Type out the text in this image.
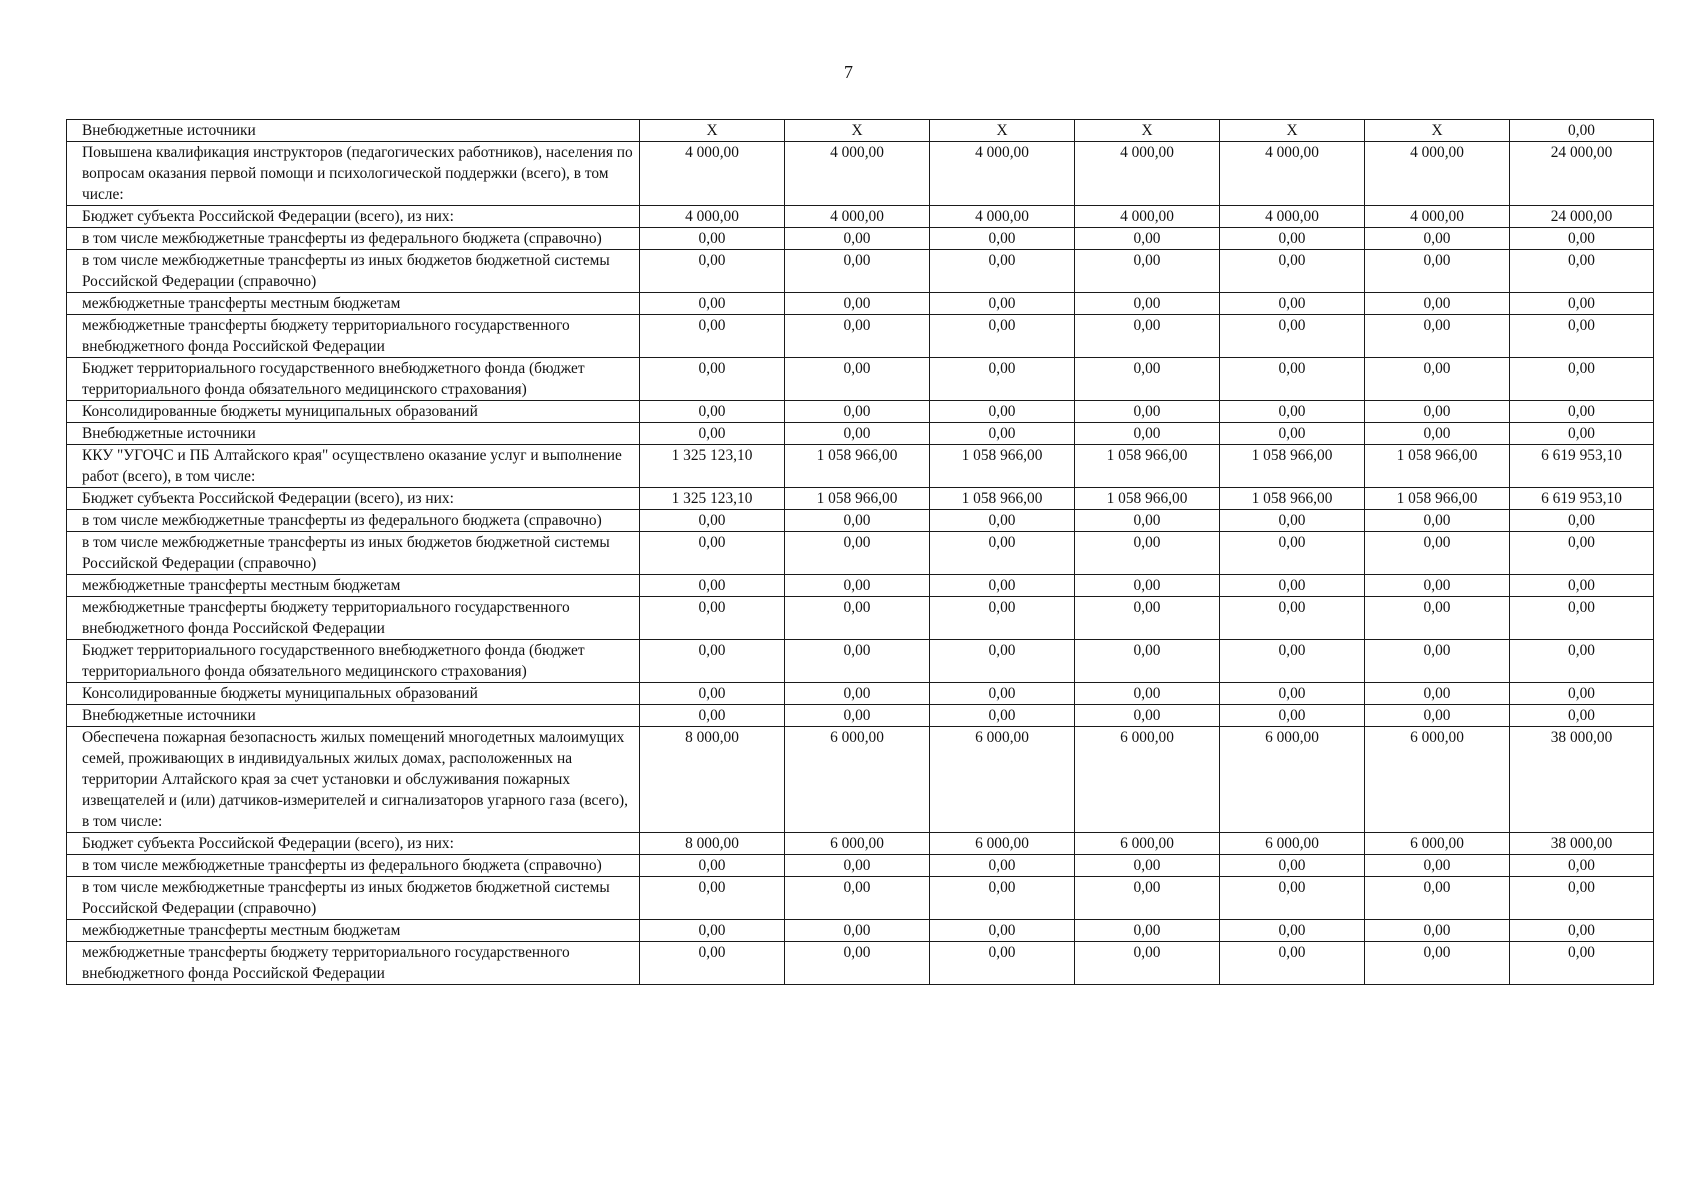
7
Внебюджетные источники	X	X	X	X	X	X	0,00
Повышена квалификация инструкторов (педагогических работников), населения по вопросам оказания первой помощи и психологической поддержки (всего), в том числе:	4 000,00	4 000,00	4 000,00	4 000,00	4 000,00	4 000,00	24 000,00
Бюджет субъекта Российской Федерации (всего), из них:	4 000,00	4 000,00	4 000,00	4 000,00	4 000,00	4 000,00	24 000,00
в том числе межбюджетные трансферты из федерального бюджета (справочно)	0,00	0,00	0,00	0,00	0,00	0,00	0,00
в том числе межбюджетные трансферты из иных бюджетов бюджетной системы Российской Федерации (справочно)	0,00	0,00	0,00	0,00	0,00	0,00	0,00
межбюджетные трансферты местным бюджетам	0,00	0,00	0,00	0,00	0,00	0,00	0,00
межбюджетные трансферты бюджету территориального государственного внебюджетного фонда Российской Федерации	0,00	0,00	0,00	0,00	0,00	0,00	0,00
Бюджет территориального государственного внебюджетного фонда (бюджет территориального фонда обязательного медицинского страхования)	0,00	0,00	0,00	0,00	0,00	0,00	0,00
Консолидированные бюджеты муниципальных образований	0,00	0,00	0,00	0,00	0,00	0,00	0,00
Внебюджетные источники	0,00	0,00	0,00	0,00	0,00	0,00	0,00
ККУ "УГОЧС и ПБ Алтайского края" осуществлено оказание услуг и выполнение работ (всего), в том числе:	1 325 123,10	1 058 966,00	1 058 966,00	1 058 966,00	1 058 966,00	1 058 966,00	6 619 953,10
Бюджет субъекта Российской Федерации (всего), из них:	1 325 123,10	1 058 966,00	1 058 966,00	1 058 966,00	1 058 966,00	1 058 966,00	6 619 953,10
в том числе межбюджетные трансферты из федерального бюджета (справочно)	0,00	0,00	0,00	0,00	0,00	0,00	0,00
в том числе межбюджетные трансферты из иных бюджетов бюджетной системы Российской Федерации (справочно)	0,00	0,00	0,00	0,00	0,00	0,00	0,00
межбюджетные трансферты местным бюджетам	0,00	0,00	0,00	0,00	0,00	0,00	0,00
межбюджетные трансферты бюджету территориального государственного внебюджетного фонда Российской Федерации	0,00	0,00	0,00	0,00	0,00	0,00	0,00
Бюджет территориального государственного внебюджетного фонда (бюджет территориального фонда обязательного медицинского страхования)	0,00	0,00	0,00	0,00	0,00	0,00	0,00
Консолидированные бюджеты муниципальных образований	0,00	0,00	0,00	0,00	0,00	0,00	0,00
Внебюджетные источники	0,00	0,00	0,00	0,00	0,00	0,00	0,00
Обеспечена пожарная безопасность жилых помещений многодетных малоимущих семей, проживающих в индивидуальных жилых домах, расположенных на территории Алтайского края за счет установки и обслуживания пожарных извещателей и (или) датчиков-измерителей и сигнализаторов угарного газа (всего), в том числе:	8 000,00	6 000,00	6 000,00	6 000,00	6 000,00	6 000,00	38 000,00
Бюджет субъекта Российской Федерации (всего), из них:	8 000,00	6 000,00	6 000,00	6 000,00	6 000,00	6 000,00	38 000,00
в том числе межбюджетные трансферты из федерального бюджета (справочно)	0,00	0,00	0,00	0,00	0,00	0,00	0,00
в том числе межбюджетные трансферты из иных бюджетов бюджетной системы Российской Федерации (справочно)	0,00	0,00	0,00	0,00	0,00	0,00	0,00
межбюджетные трансферты местным бюджетам	0,00	0,00	0,00	0,00	0,00	0,00	0,00
межбюджетные трансферты бюджету территориального государственного внебюджетного фонда Российской Федерации	0,00	0,00	0,00	0,00	0,00	0,00	0,00
